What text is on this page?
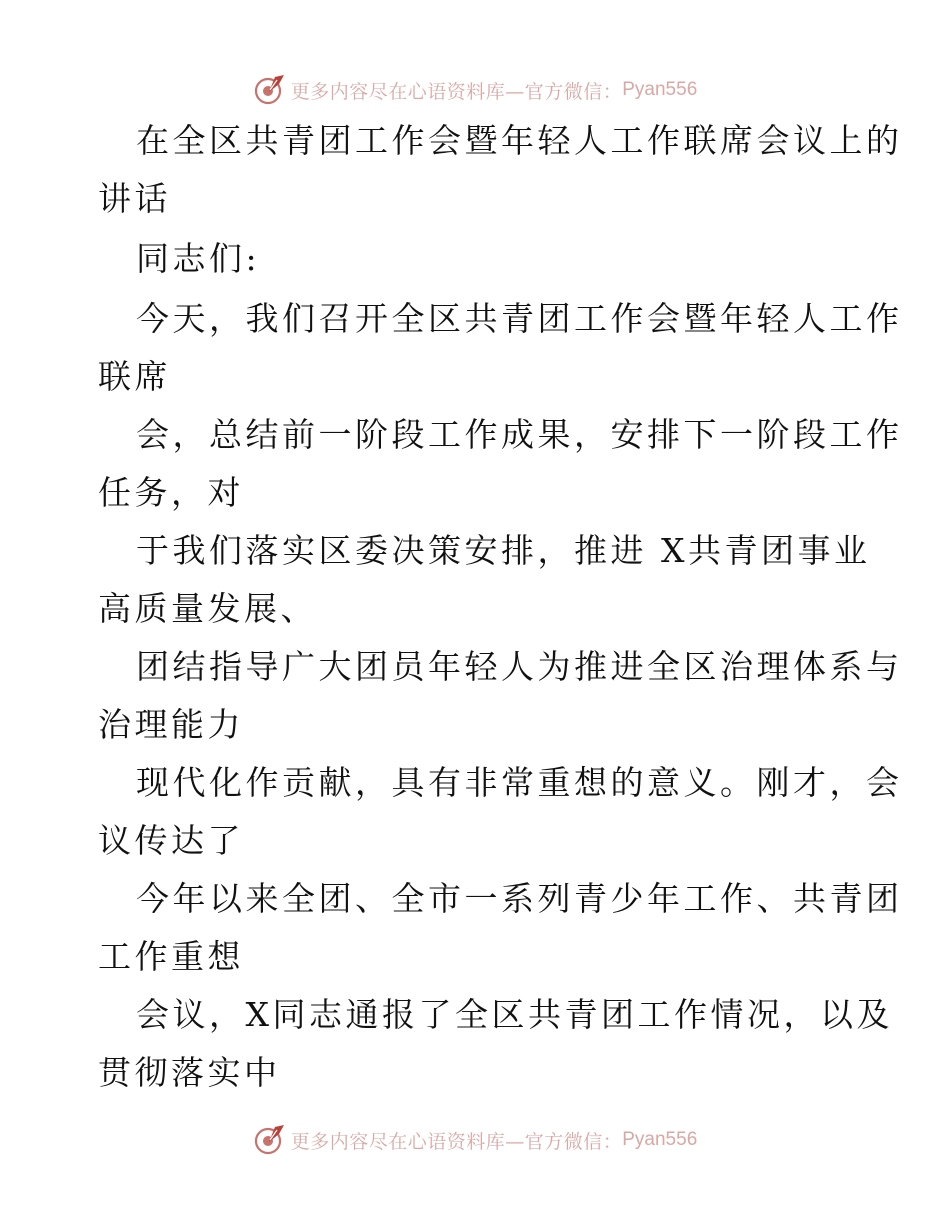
更多内容尽在心语资料库—官方微信： Pyan556
在全区共青团工作会暨年轻人工作联席会议上的
讲话
同志们:
今天，我们召开全区共青团工作会暨年轻人工作
联席
会，总结前一阶段工作成果，安排下一阶段工作
任务，对
于我们落实区委决策安排，推进 X共青团事业
高质量发展、
团结指导广大团员年轻人为推进全区治理体系与
治理能力
现代化作贡献，具有非常重想的意义。刚才，会
议传达了
今年以来全团、全市一系列青少年工作、共青团
工作重想
会议，X同志通报了全区共青团工作情况，以及
贯彻落实中
更多内容尽在心语资料库—官方微信： Pyan556
